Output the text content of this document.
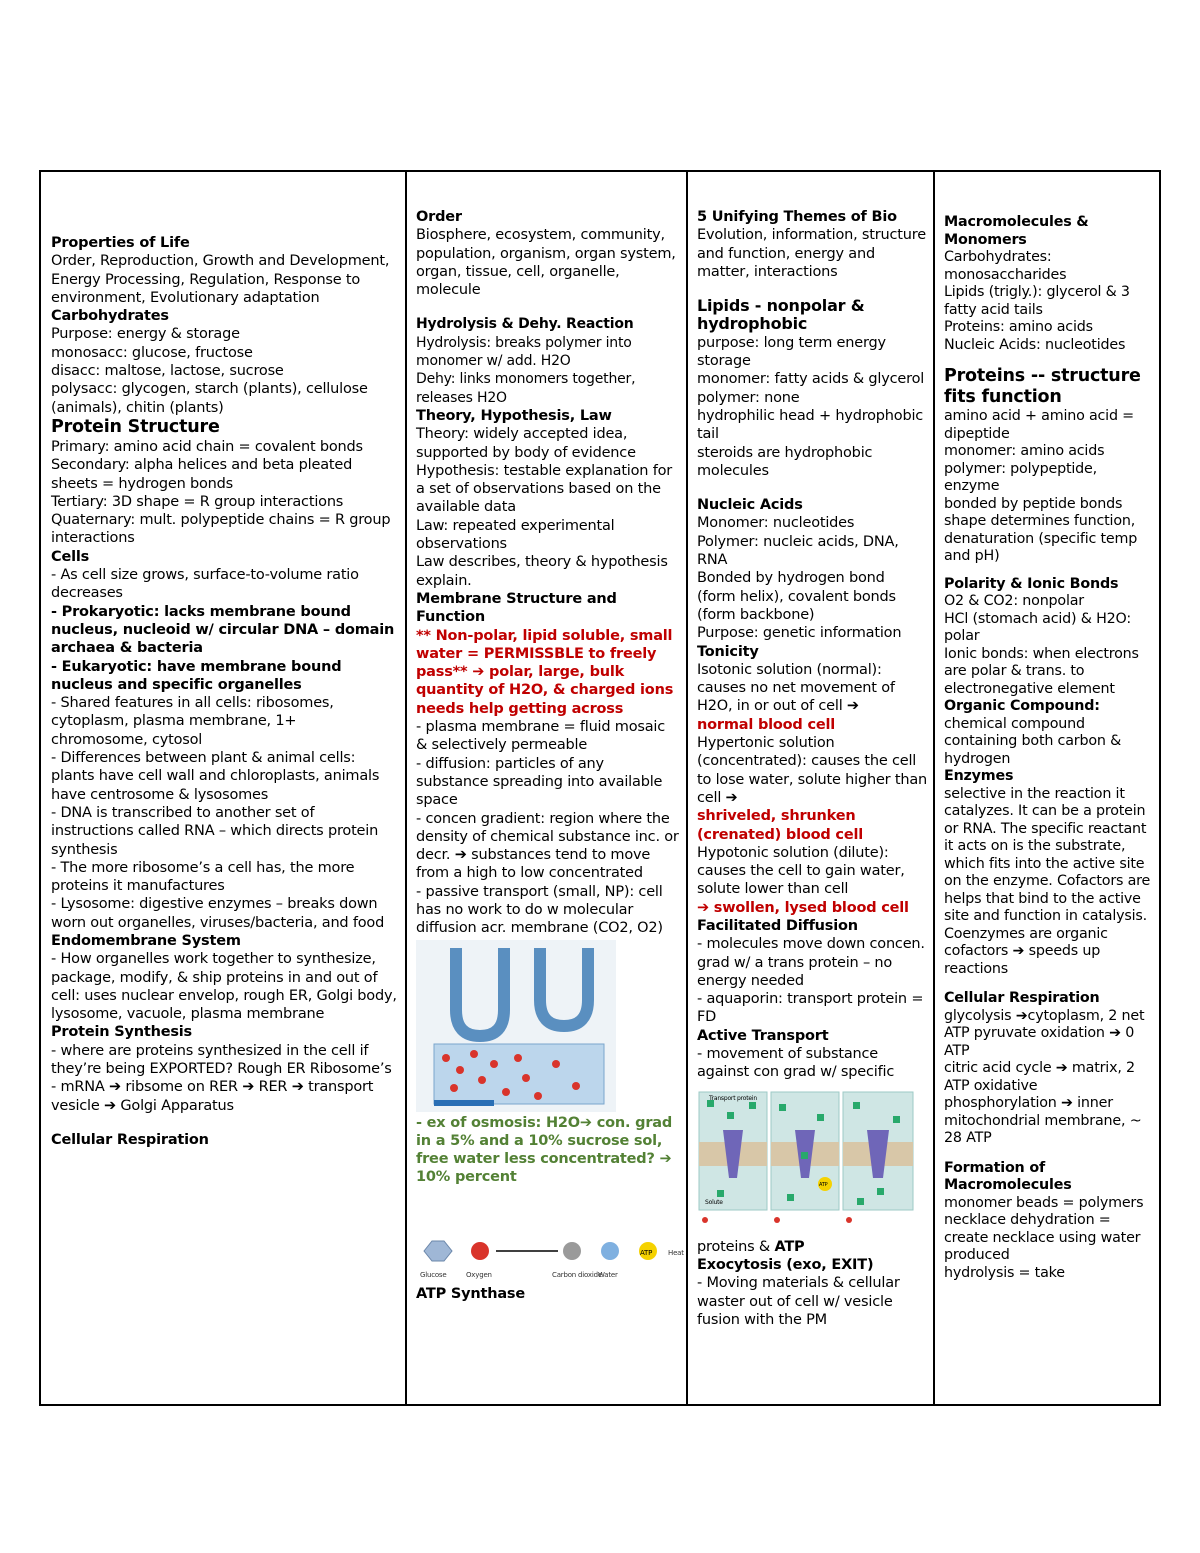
Properties of Life
Order, Reproduction, Growth and Development, Energy Processing, Regulation, Response to environment, Evolutionary adaptation
Carbohydrates
Purpose: energy & storage
monosacc: glucose, fructose
disacc: maltose, lactose, sucrose
polysacc: glycogen, starch (plants), cellulose (animals), chitin (plants)
Protein Structure
Primary: amino acid chain = covalent bonds
Secondary: alpha helices and beta pleated sheets = hydrogen bonds
Tertiary: 3D shape = R group interactions
Quaternary: mult. polypeptide chains = R group interactions
Cells
- As cell size grows, surface-to-volume ratio decreases
- Prokaryotic: lacks membrane bound nucleus, nucleoid w/ circular DNA – domain archaea & bacteria
- Eukaryotic: have membrane bound nucleus and specific organelles
- Shared features in all cells: ribosomes, cytoplasm, plasma membrane, 1+ chromosome, cytosol
- Differences between plant & animal cells: plants have cell wall and chloroplasts, animals have centrosome & lysosomes
- DNA is transcribed to another set of instructions called RNA – which directs protein synthesis
- The more ribosome’s a cell has, the more proteins it manufactures
- Lysosome: digestive enzymes – breaks down worn out organelles, viruses/bacteria, and food
Endomembrane System
- How organelles work together to synthesize, package, modify, & ship proteins in and out of cell: uses nuclear envelop, rough ER, Golgi body, lysosome, vacuole, plasma membrane
Protein Synthesis
- where are proteins synthesized in the cell if they’re being EXPORTED? Rough ER Ribosome’s
- mRNA ➔ ribsome on RER ➔ RER ➔ transport vesicle ➔ Golgi Apparatus
Cellular Respiration
Order
Biosphere, ecosystem, community, population, organism, organ system, organ, tissue, cell, organelle, molecule
Hydrolysis & Dehy. Reaction
Hydrolysis: breaks polymer into monomer w/ add. H2O
Dehy: links monomers together, releases H2O
Theory, Hypothesis, Law
Theory: widely accepted idea, supported by body of evidence
Hypothesis: testable explanation for a set of observations based on the available data
Law: repeated experimental observations
Law describes, theory & hypothesis explain.
Membrane Structure and Function
** Non-polar, lipid soluble, small water = PERMISSBLE to freely pass** ➔ polar, large, bulk quantity of H2O, & charged ions needs help getting across
- plasma membrane = fluid mosaic & selectively permeable
- diffusion: particles of any substance spreading into available space
- concen gradient: region where the density of chemical substance inc. or decr. ➔ substances tend to move from a high to low concentrated
- passive transport (small, NP): cell has no work to do w molecular diffusion acr. membrane (CO2, O2)
- ex of osmosis: H2O➔ con. grad
in a 5% and a 10% sucrose sol, free water less concentrated? ➔ 10% percent
Glucose	Oxygen	Carbon dioxide
Water
ATP Heat
ATP Synthase
5 Unifying Themes of Bio
Evolution, information, structure and function, energy and matter, interactions
Lipids - nonpolar & hydrophobic
purpose: long term energy storage
monomer: fatty acids & glycerol
polymer: none
hydrophilic head + hydrophobic tail
steroids are hydrophobic molecules
Nucleic Acids
Monomer: nucleotides
Polymer: nucleic acids, DNA, RNA
Bonded by hydrogen bond (form helix), covalent bonds (form backbone)
Purpose: genetic information
Tonicity
Isotonic solution (normal): causes no net movement of H2O, in or out of cell ➔
normal blood cell
Hypertonic solution (concentrated): causes the cell to lose water, solute higher than cell ➔
shriveled, shrunken (crenated) blood cell
Hypotonic solution (dilute): causes the cell to gain water, solute lower than cell
➔ swollen, lysed blood cell
Facilitated Diffusion
- molecules move down concen. grad w/ a trans protein – no energy needed
- aquaporin: transport protein = FD
Active Transport
- movement of substance against con grad w/ specific
Transport protein
Solute
ATP
proteins & ATP
Exocytosis (exo, EXIT)
- Moving materials & cellular waster out of cell w/ vesicle fusion with the PM
Macromolecules & Monomers
Carbohydrates: monosaccharides
Lipids (trigly.): glycerol & 3 fatty acid tails
Proteins: amino acids
Nucleic Acids: nucleotides
Proteins -- structure fits function
amino acid + amino acid = dipeptide
monomer: amino acids
polymer: polypeptide, enzyme
bonded by peptide bonds
shape determines function, denaturation (specific temp and pH)
Polarity & Ionic Bonds
O2 & CO2: nonpolar
HCl (stomach acid) & H2O: polar
Ionic bonds: when electrons are polar & trans. to electronegative element
Organic Compound:
chemical compound containing both carbon & hydrogen
Enzymes
selective in the reaction it catalyzes. It can be a protein or RNA. The specific reactant it acts on is the substrate, which fits into the active site on the enzyme. Cofactors are helps that bind to the active site and function in catalysis. Coenzymes are organic cofactors ➔ speeds up reactions
Cellular Respiration
glycolysis ➔cytoplasm, 2 net ATP pyruvate oxidation ➔ 0 ATP
citric acid cycle ➔ matrix, 2 ATP oxidative phosphorylation ➔ inner mitochondrial membrane, ~ 28 ATP
Formation of Macromolecules
monomer beads = polymers
necklace dehydration = create necklace using water produced
hydrolysis = take
